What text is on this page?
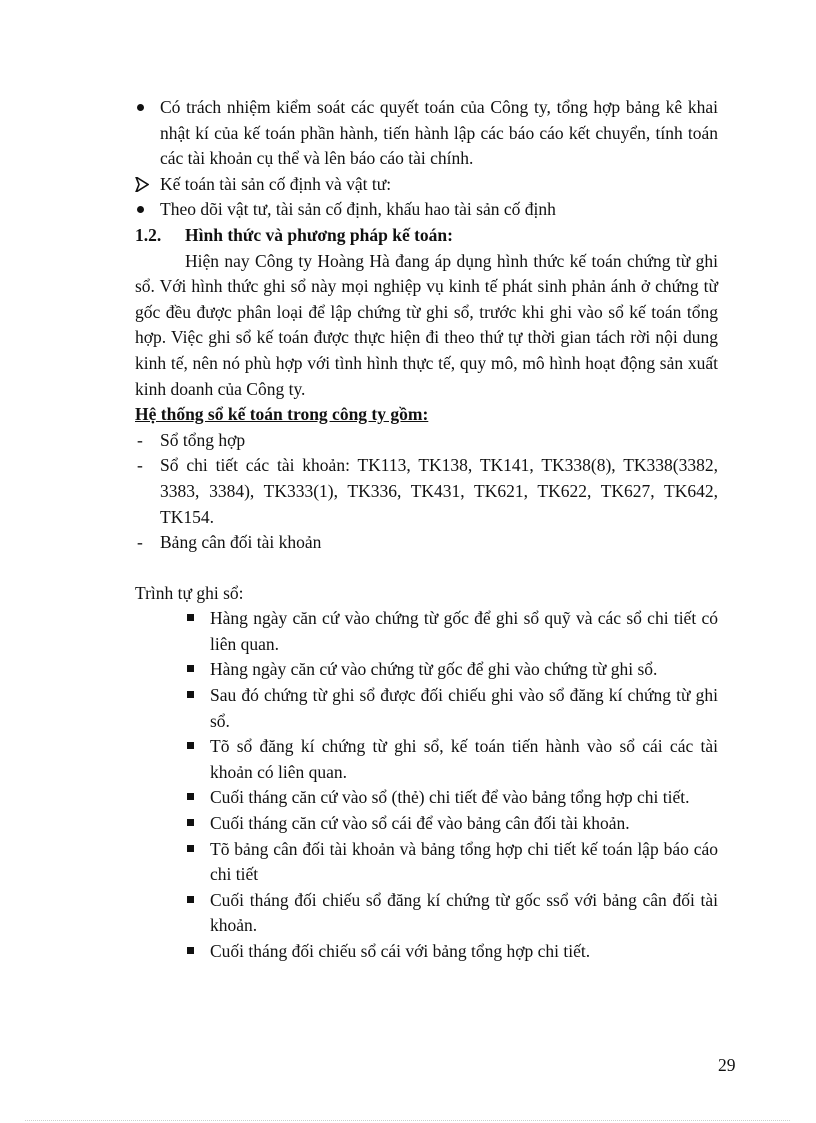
Có trách nhiệm kiểm soát các quyết toán của Công ty, tổng hợp bảng kê khai nhật kí của kế toán phần hành, tiến hành lập các báo cáo kết chuyển, tính toán các tài khoản cụ thể và lên báo cáo tài chính.
Kế toán tài sản cố định và vật tư:
Theo dõi vật tư, tài sản cố định, khấu hao tài sản cố định
1.2. Hình thức và phương pháp kế toán:
Hiện nay Công ty Hoàng Hà đang áp dụng hình thức kế toán chứng từ ghi sổ. Với hình thức ghi sổ này mọi nghiệp vụ kinh tế phát sinh phản ánh ở chứng từ gốc đều được phân loại để lập chứng từ ghi sổ, trước khi ghi vào sổ kế toán tổng hợp. Việc ghi sổ kế toán được thực hiện đi theo thứ tự thời gian tách rời nội dung kinh tế, nên nó phù hợp với tình hình thực tế, quy mô, mô hình hoạt động sản xuất kinh doanh của Công ty.
Hệ thống sổ kế toán trong công ty gồm:
- Sổ tổng hợp
- Sổ chi tiết các tài khoản: TK113, TK138, TK141, TK338(8), TK338(3382, 3383, 3384), TK333(1), TK336, TK431, TK621, TK622, TK627, TK642, TK154.
- Bảng cân đối tài khoản
Trình tự ghi sổ:
Hàng ngày căn cứ vào chứng từ gốc để ghi sổ quỹ và các sổ chi tiết có liên quan.
Hàng ngày căn cứ vào chứng từ gốc để ghi vào chứng từ ghi sổ.
Sau đó chứng từ ghi sổ được đối chiếu ghi vào sổ đăng kí chứng từ ghi sổ.
Tõ sổ đăng kí chứng từ ghi sổ, kế toán tiến hành vào sổ cái các tài khoản có liên quan.
Cuối tháng căn cứ vào sổ (thẻ) chi tiết để vào bảng tổng hợp chi tiết.
Cuối tháng căn cứ vào sổ cái để vào bảng cân đối tài khoản.
Tõ bảng cân đối tài khoản và bảng tổng hợp chi tiết kế toán lập báo cáo chi tiết
Cuối tháng đối chiếu sổ đăng kí chứng từ gốc ssổ với bảng cân đối tài khoản.
Cuối tháng đối chiếu sổ cái với bảng tổng hợp chi tiết.
29
